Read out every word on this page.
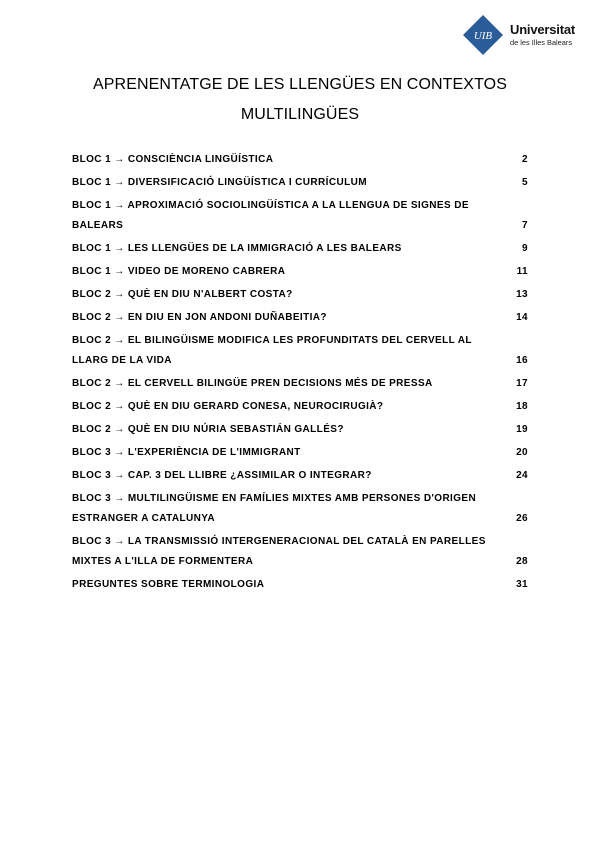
UIB Universitat
de les Illes Balears
APRENENTATGE DE LES LLENGÜES EN CONTEXTOS
MULTILINGÜES
BLOC 1 → CONSCIÈNCIA LINGÜÍSTICA	2
BLOC 1 → DIVERSIFICACIÓ LINGÜÍSTICA I CURRÍCULUM	5
BLOC 1 → APROXIMACIÓ SOCIOLINGÜÍSTICA A LA LLENGUA DE SIGNES DE BALEARS	7
BLOC 1 → LES LLENGÜES DE LA IMMIGRACIÓ A LES BALEARS	9
BLOC 1 → VIDEO DE MORENO CABRERA	11
BLOC 2 → QUÈ EN DIU N'ALBERT COSTA?	13
BLOC 2 → EN DIU EN JON ANDONI DUÑABEITIA?	14
BLOC 2 → EL BILINGÜISME MODIFICA LES PROFUNDITATS DEL CERVELL AL LLARG DE LA VIDA	16
BLOC 2 → EL CERVELL BILINGÜE PREN DECISIONS MÉS DE PRESSA	17
BLOC 2 → QUÈ EN DIU GERARD CONESA, NEUROCIRUGIÀ?	18
BLOC 2 → QUÈ EN DIU NÚRIA SEBASTIÁN GALLÉS?	19
BLOC 3 → L'EXPERIÈNCIA DE L'IMMIGRANT	20
BLOC 3 → CAP. 3 DEL LLIBRE ¿ASSIMILAR O INTEGRAR?	24
BLOC 3 → MULTILINGÜISME EN FAMÍLIES MIXTES AMB PERSONES D'ORIGEN ESTRANGER A CATALUNYA	26
BLOC 3 → LA TRANSMISSIÓ INTERGENERACIONAL DEL CATALÀ EN PARELLES MIXTES A L'ILLA DE FORMENTERA	28
PREGUNTES SOBRE TERMINOLOGIA	31
